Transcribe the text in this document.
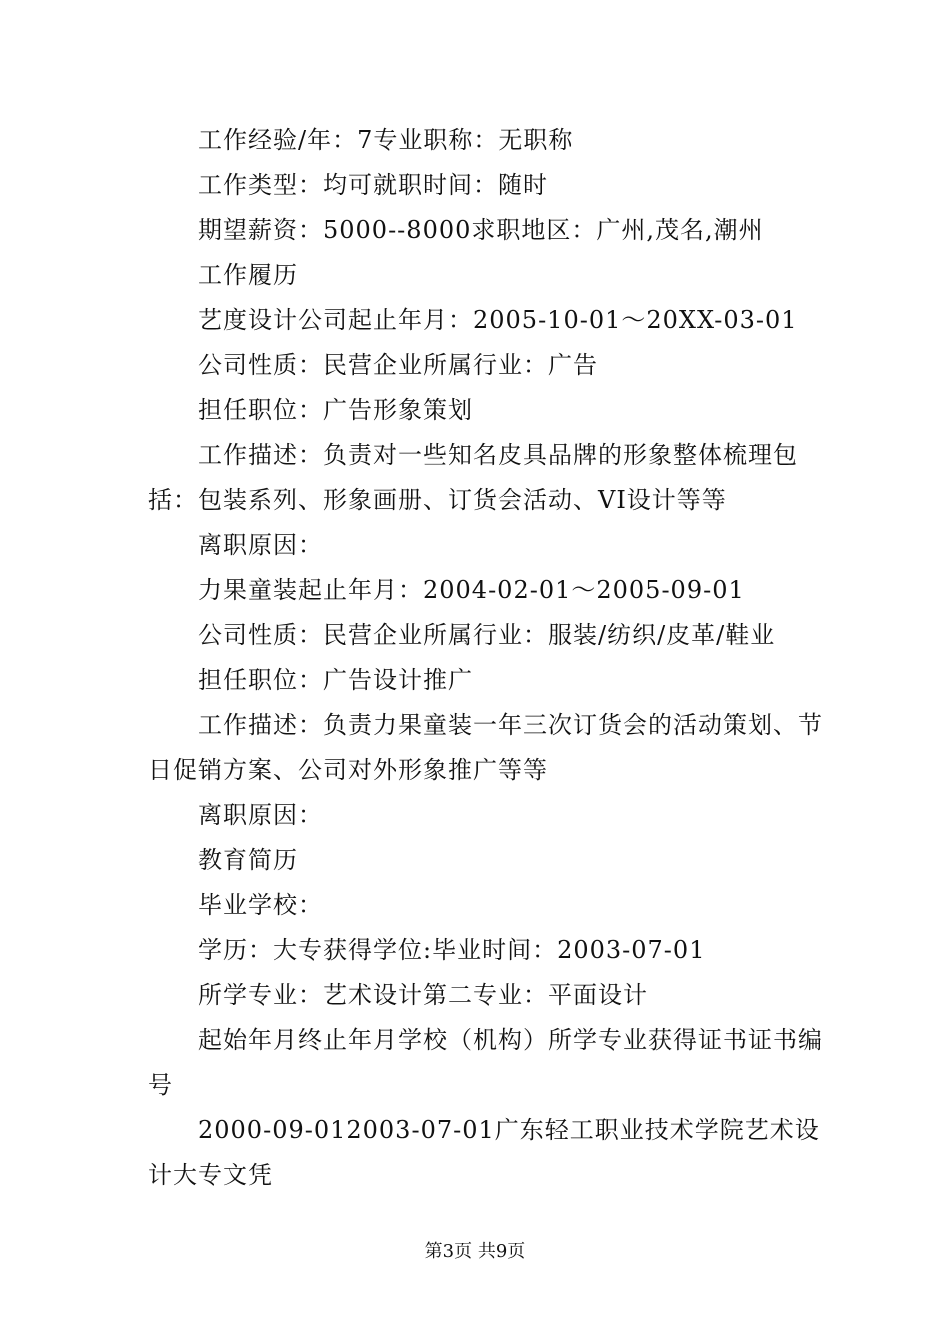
工作经验/年：7专业职称：无职称

工作类型：均可就职时间：随时

期望薪资：5000--8000求职地区：广州,茂名,潮州

工作履历

艺度设计公司起止年月：2005-10-01～20XX-03-01

公司性质：民营企业所属行业：广告

担任职位：广告形象策划

工作描述：负责对一些知名皮具品牌的形象整体梳理包括：包装系列、形象画册、订货会活动、VI设计等等

离职原因：

力果童装起止年月：2004-02-01～2005-09-01

公司性质：民营企业所属行业：服装/纺织/皮革/鞋业

担任职位：广告设计推广

工作描述：负责力果童装一年三次订货会的活动策划、节日促销方案、公司对外形象推广等等

离职原因：

教育简历

毕业学校：

学历：大专获得学位:毕业时间：2003-07-01

所学专业：艺术设计第二专业：平面设计

起始年月终止年月学校（机构）所学专业获得证书证书编号

2000-09-012003-07-01广东轻工职业技术学院艺术设计大专文凭

第3页 共9页
